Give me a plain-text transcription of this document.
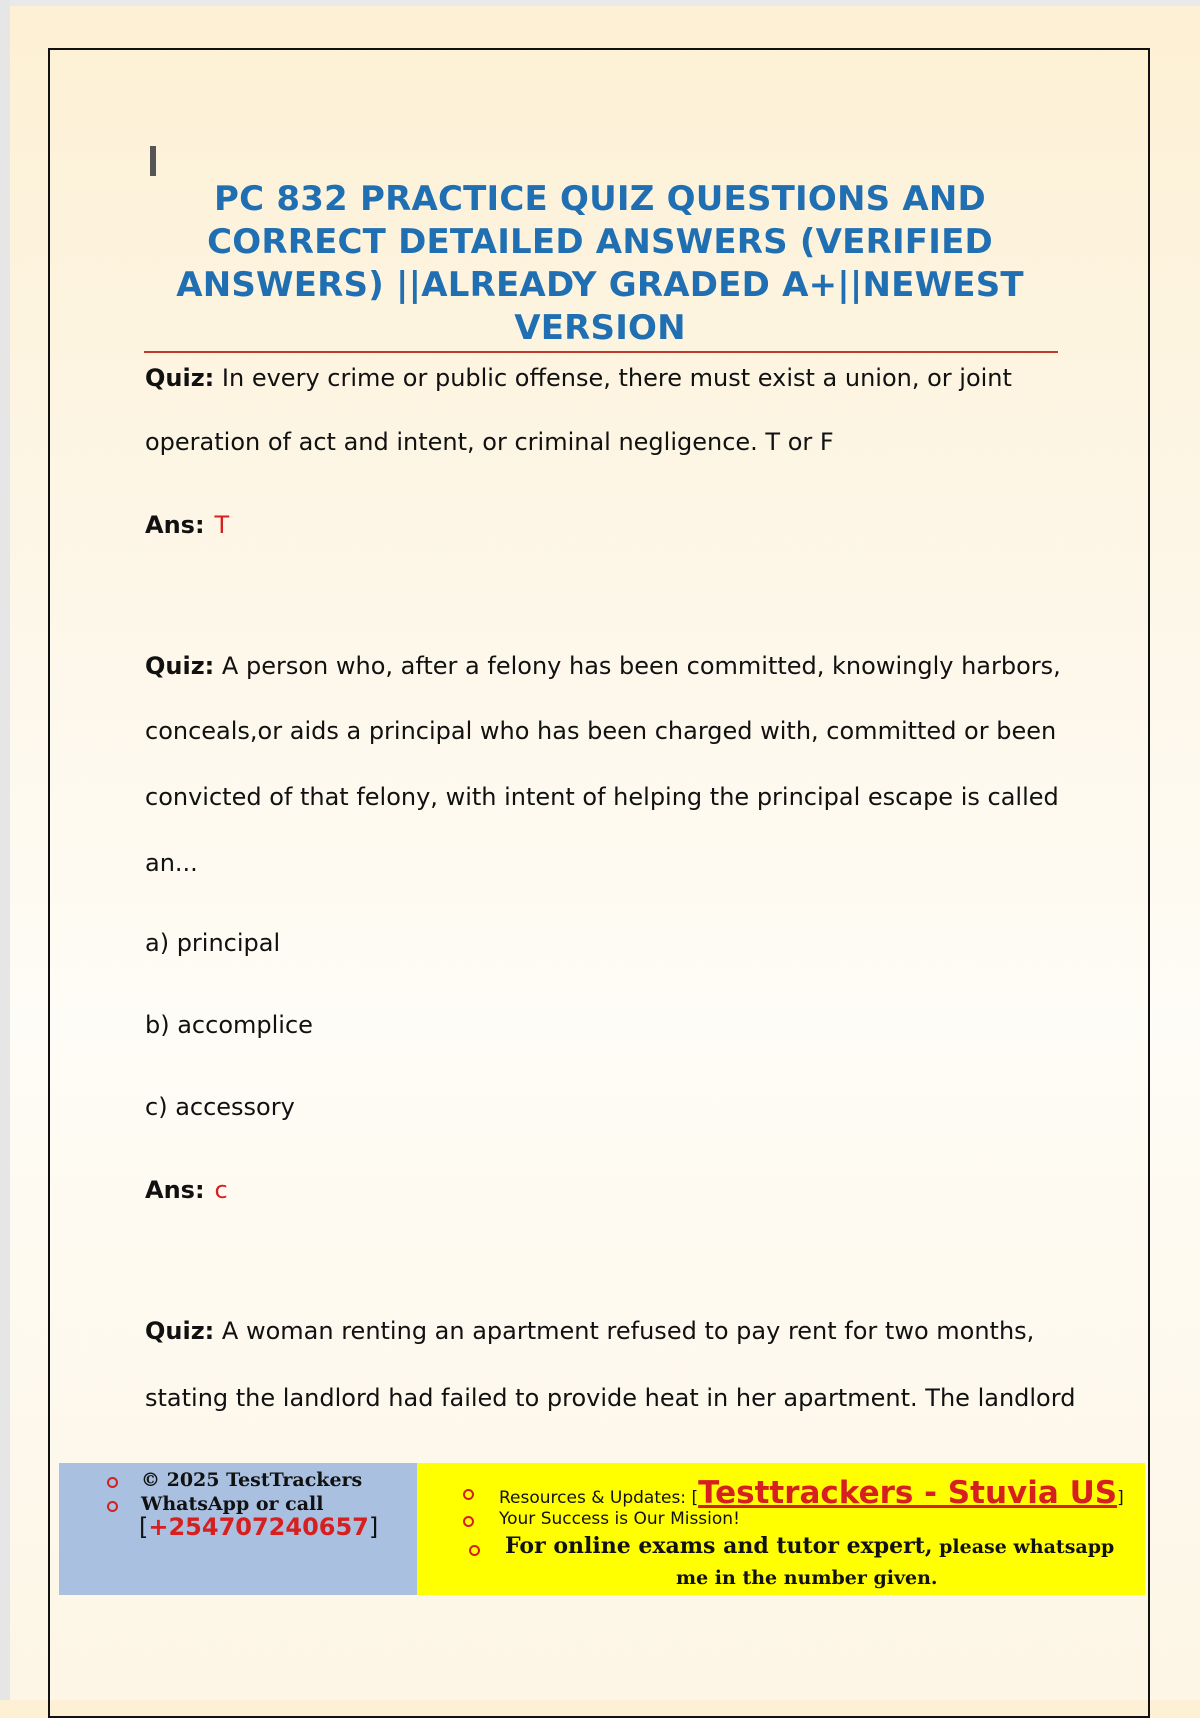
PC 832 PRACTICE QUIZ QUESTIONS AND
CORRECT DETAILED ANSWERS (VERIFIED
ANSWERS) ||ALREADY GRADED A+||NEWEST
VERSION

Quiz: In every crime or public offense, there must exist a union, or joint

operation of act and intent, or criminal negligence. T or F

Ans: T

Quiz: A person who, after a felony has been committed, knowingly harbors,

conceals,or aids a principal who has been charged with, committed or been

convicted of that felony, with intent of helping the principal escape is called

an...

a) principal

b) accomplice

c) accessory

Ans: c

Quiz: A woman renting an apartment refused to pay rent for two months,

stating the landlord had failed to provide heat in her apartment. The landlord

© 2025 TestTrackers
WhatsApp or call
[+254707240657]
Resources & Updates: [Testtrackers - Stuvia US]
Your Success is Our Mission!
For online exams and tutor expert, please whatsapp
me in the number given.
